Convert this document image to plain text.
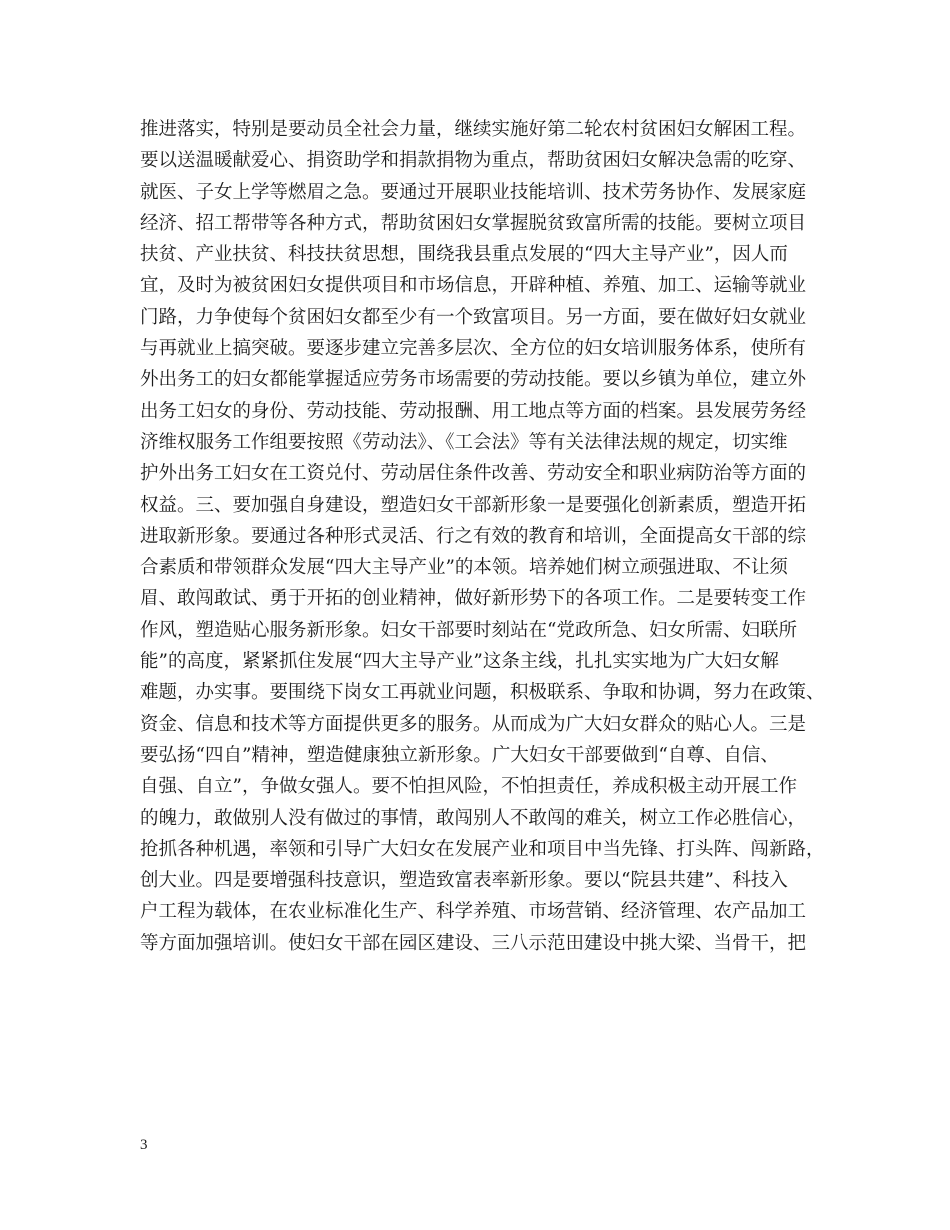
推进落实，特别是要动员全社会力量，继续实施好第二轮农村贫困妇女解困工程。
要以送温暖献爱心、捐资助学和捐款捐物为重点，帮助贫困妇女解决急需的吃穿、
就医、子女上学等燃眉之急。要通过开展职业技能培训、技术劳务协作、发展家庭
经济、招工帮带等各种方式，帮助贫困妇女掌握脱贫致富所需的技能。要树立项目
扶贫、产业扶贫、科技扶贫思想，围绕我县重点发展的“四大主导产业”，因人而
宜，及时为被贫困妇女提供项目和市场信息，开辟种植、养殖、加工、运输等就业
门路，力争使每个贫困妇女都至少有一个致富项目。另一方面，要在做好妇女就业
与再就业上搞突破。要逐步建立完善多层次、全方位的妇女培训服务体系，使所有
外出务工的妇女都能掌握适应劳务市场需要的劳动技能。要以乡镇为单位，建立外
出务工妇女的身份、劳动技能、劳动报酬、用工地点等方面的档案。县发展劳务经
济维权服务工作组要按照《劳动法》、《工会法》等有关法律法规的规定，切实维
护外出务工妇女在工资兑付、劳动居住条件改善、劳动安全和职业病防治等方面的
权益。三、要加强自身建设，塑造妇女干部新形象一是要强化创新素质，塑造开拓
进取新形象。要通过各种形式灵活、行之有效的教育和培训，全面提高女干部的综
合素质和带领群众发展“四大主导产业”的本领。培养她们树立顽强进取、不让须
眉、敢闯敢试、勇于开拓的创业精神，做好新形势下的各项工作。二是要转变工作
作风，塑造贴心服务新形象。妇女干部要时刻站在“党政所急、妇女所需、妇联所
能”的高度，紧紧抓住发展“四大主导产业”这条主线，扎扎实实地为广大妇女解
难题，办实事。要围绕下岗女工再就业问题，积极联系、争取和协调，努力在政策、
资金、信息和技术等方面提供更多的服务。从而成为广大妇女群众的贴心人。三是
要弘扬“四自”精神，塑造健康独立新形象。广大妇女干部要做到“自尊、自信、
自强、自立”，争做女强人。要不怕担风险，不怕担责任，养成积极主动开展工作
的魄力，敢做别人没有做过的事情，敢闯别人不敢闯的难关，树立工作必胜信心，
抢抓各种机遇，率领和引导广大妇女在发展产业和项目中当先锋、打头阵、闯新路，
创大业。四是要增强科技意识，塑造致富表率新形象。要以“院县共建”、科技入
户工程为载体，在农业标准化生产、科学养殖、市场营销、经济管理、农产品加工
等方面加强培训。使妇女干部在园区建设、三八示范田建设中挑大梁、当骨干，把
3
